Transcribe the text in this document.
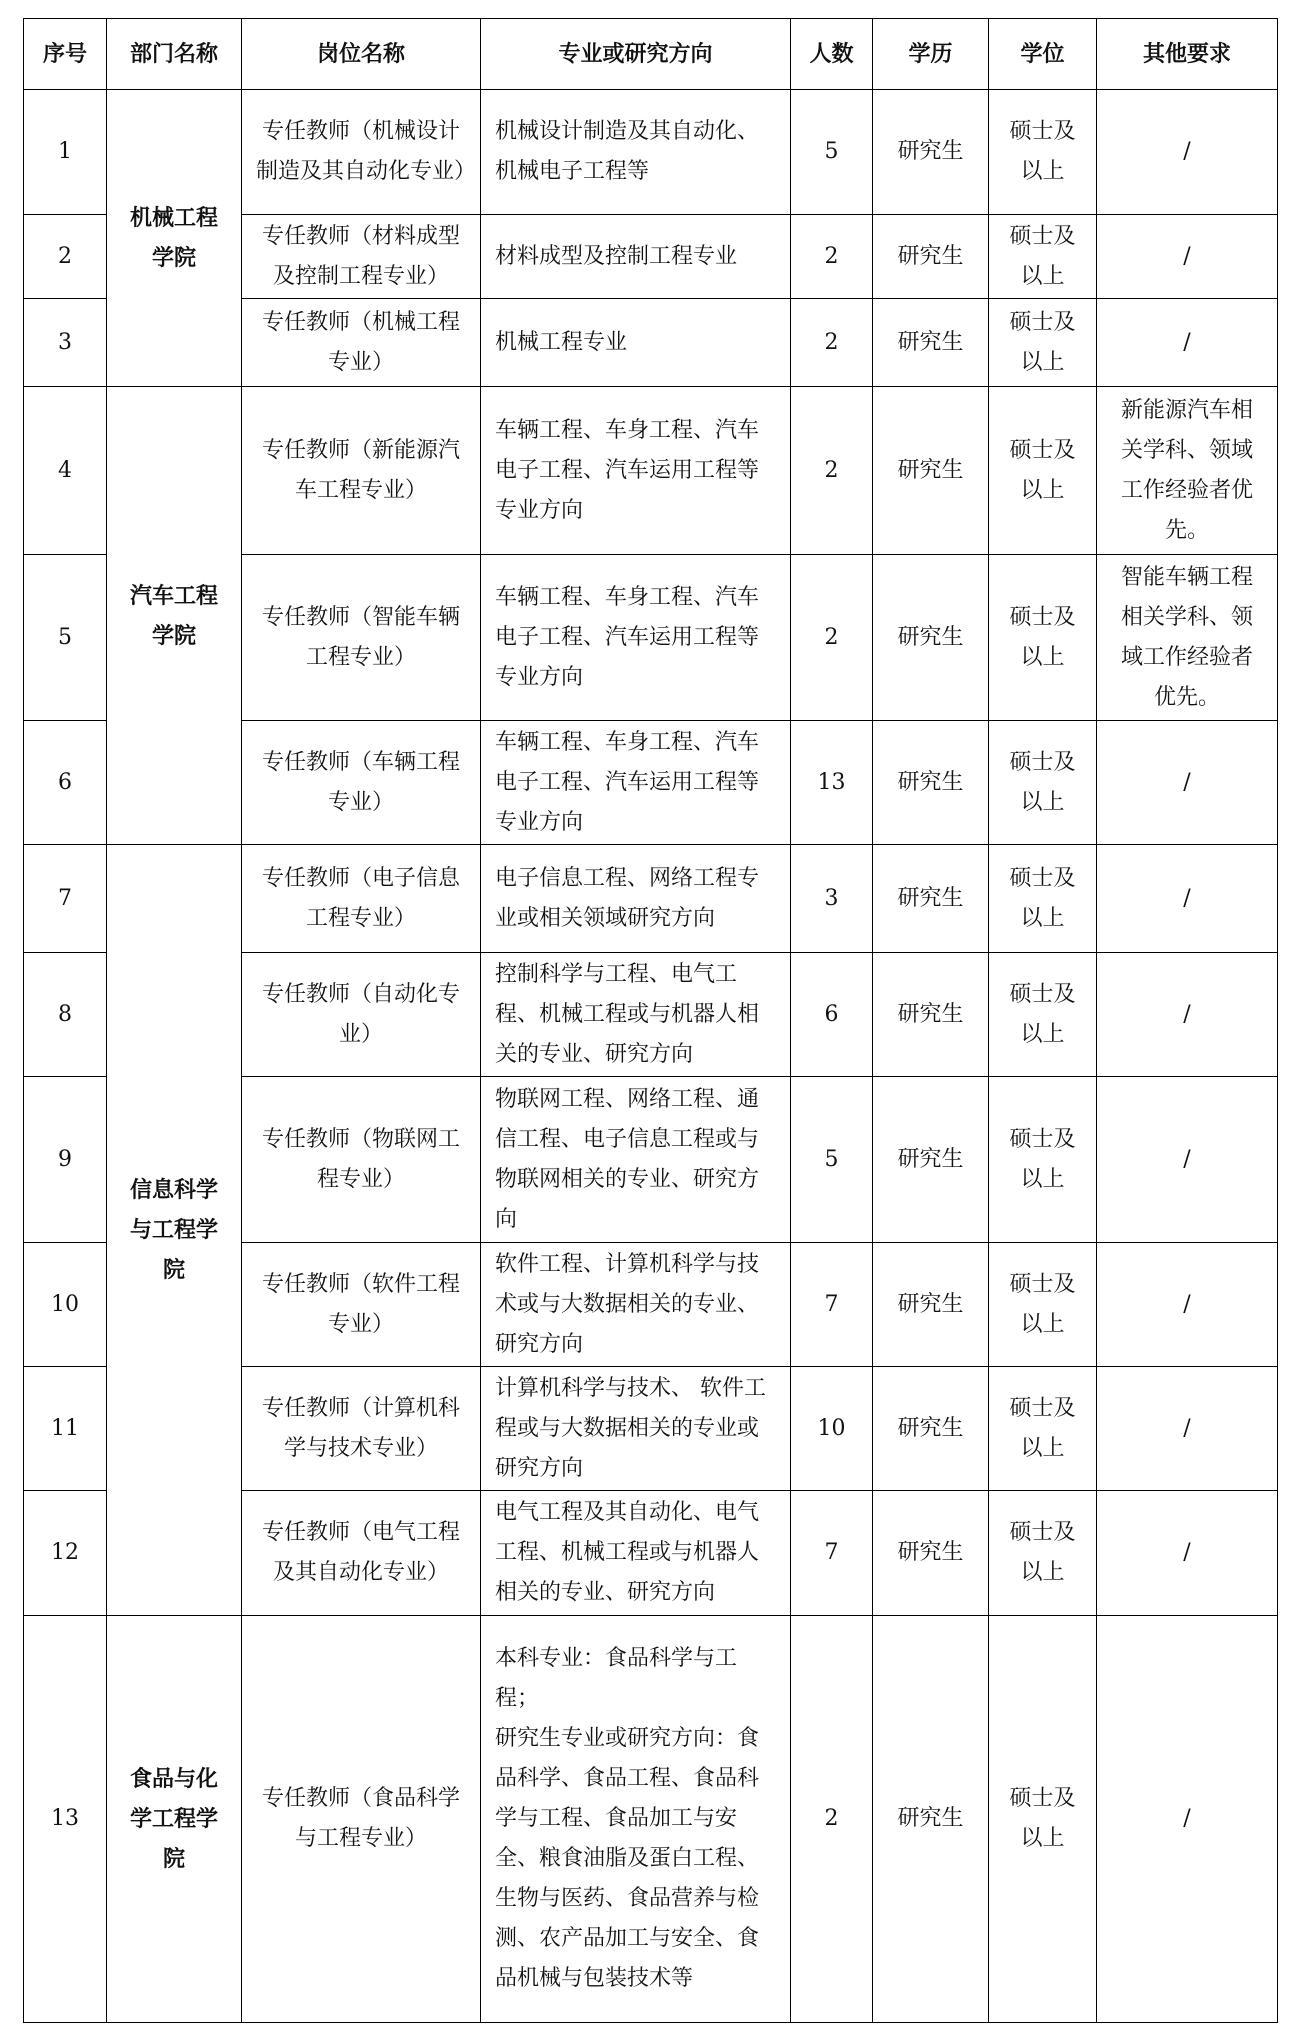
序号	部门名称	岗位名称	专业或研究方向	人数	学历	学位	其他要求
1	机械工程学院	专任教师（机械设计制造及其自动化专业）	机械设计制造及其自动化、机械电子工程等	5	研究生	硕士及以上	/
2		专任教师（材料成型及控制工程专业）	材料成型及控制工程专业	2	研究生	硕士及以上	/
3		专任教师（机械工程专业）	机械工程专业	2	研究生	硕士及以上	/
4	汽车工程学院	专任教师（新能源汽车工程专业）	车辆工程、车身工程、汽车电子工程、汽车运用工程等专业方向	2	研究生	硕士及以上	新能源汽车相关学科、领域工作经验者优先。
5		专任教师（智能车辆工程专业）	车辆工程、车身工程、汽车电子工程、汽车运用工程等专业方向	2	研究生	硕士及以上	智能车辆工程相关学科、领域工作经验者优先。
6		专任教师（车辆工程专业）	车辆工程、车身工程、汽车电子工程、汽车运用工程等专业方向	13	研究生	硕士及以上	/
7	信息科学与工程学院	专任教师（电子信息工程专业）	电子信息工程、网络工程专业或相关领域研究方向	3	研究生	硕士及以上	/
8		专任教师（自动化专业）	控制科学与工程、电气工程、机械工程或与机器人相关的专业、研究方向	6	研究生	硕士及以上	/
9		专任教师（物联网工程专业）	物联网工程、网络工程、通信工程、电子信息工程或与物联网相关的专业、研究方向	5	研究生	硕士及以上	/
10		专任教师（软件工程专业）	软件工程、计算机科学与技术或与大数据相关的专业、研究方向	7	研究生	硕士及以上	/
11		专任教师（计算机科学与技术专业）	计算机科学与技术、 软件工程或与大数据相关的专业或研究方向	10	研究生	硕士及以上	/
12		专任教师（电气工程及其自动化专业）	电气工程及其自动化、电气工程、机械工程或与机器人相关的专业、研究方向	7	研究生	硕士及以上	/
13	食品与化学工程学院	专任教师（食品科学与工程专业）	本科专业：食品科学与工程；
研究生专业或研究方向：食品科学、食品工程、食品科学与工程、食品加工与安全、粮食油脂及蛋白工程、生物与医药、食品营养与检测、农产品加工与安全、食品机械与包装技术等	2	研究生	硕士及以上	/
